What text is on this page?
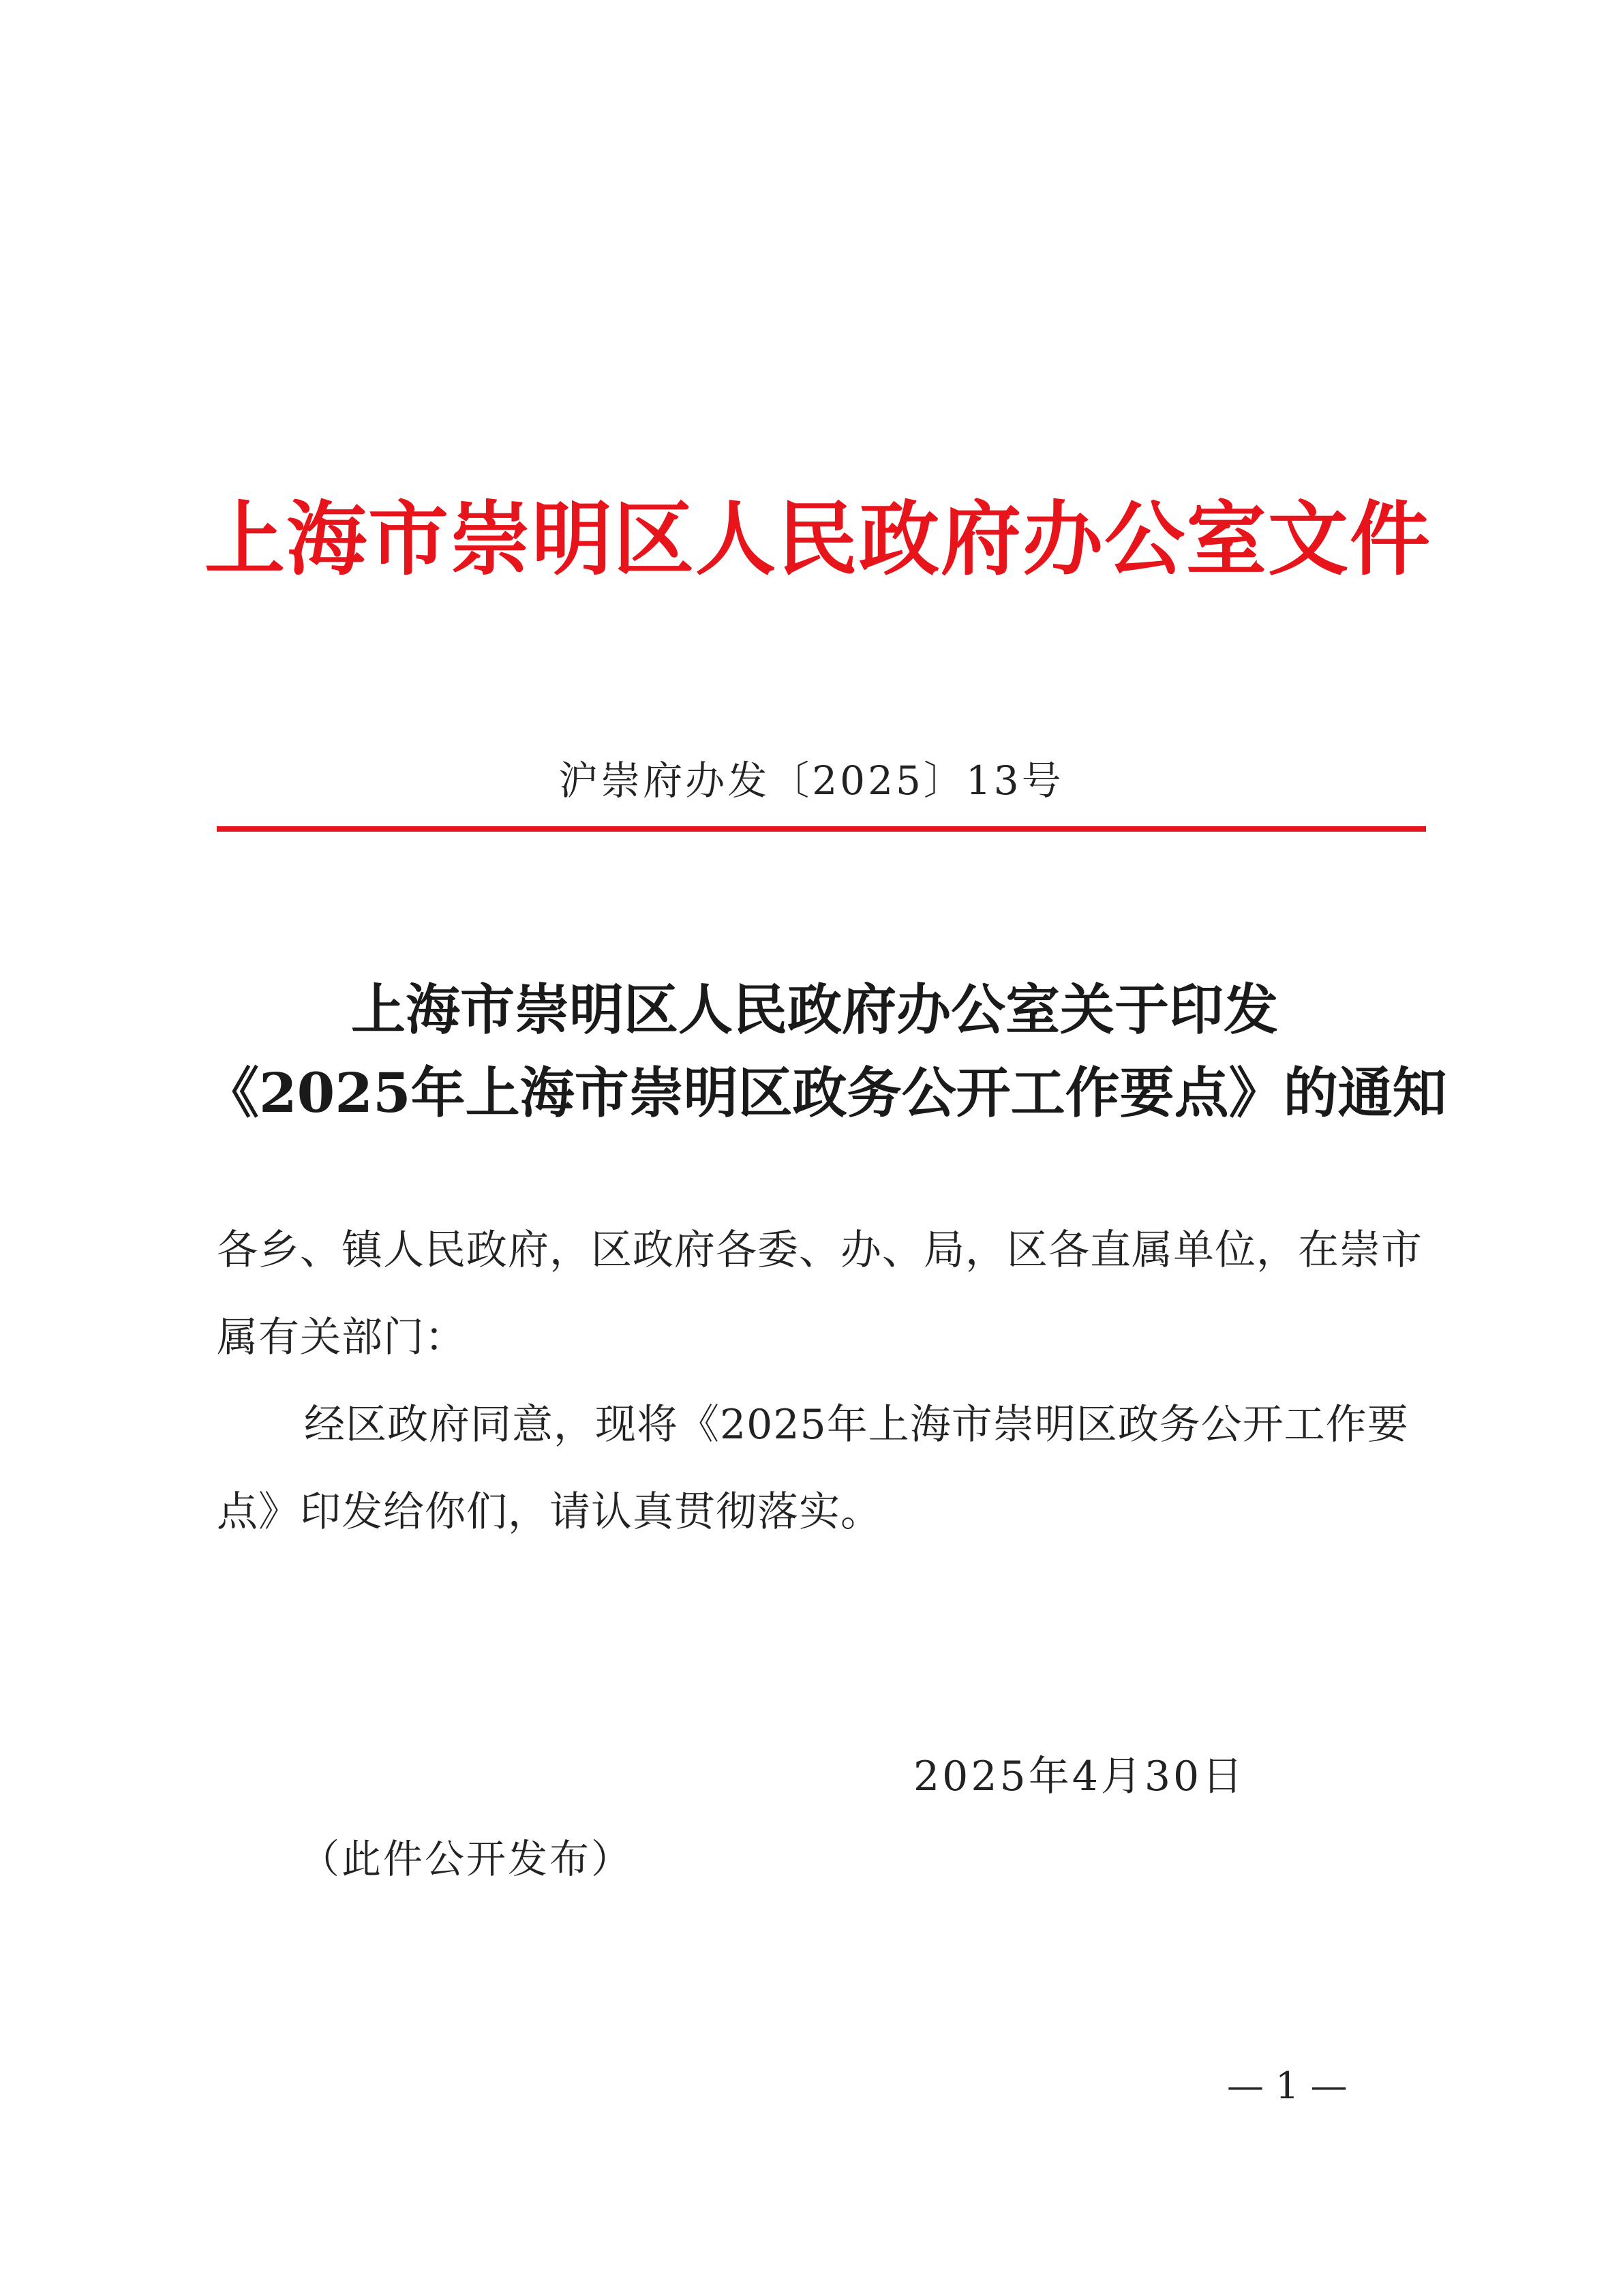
上海市崇明区人民政府办公室文件
沪崇府办发〔2025〕13号
上海市崇明区人民政府办公室关于印发
《2025年上海市崇明区政务公开工作要点》的通知

各乡、镇人民政府，区政府各委、办、局，区各直属单位，在崇市属有关部门：

经区政府同意，现将《2025年上海市崇明区政务公开工作要点》印发给你们，请认真贯彻落实。

2025年4月30日
（此件公开发布）
— 1 —
